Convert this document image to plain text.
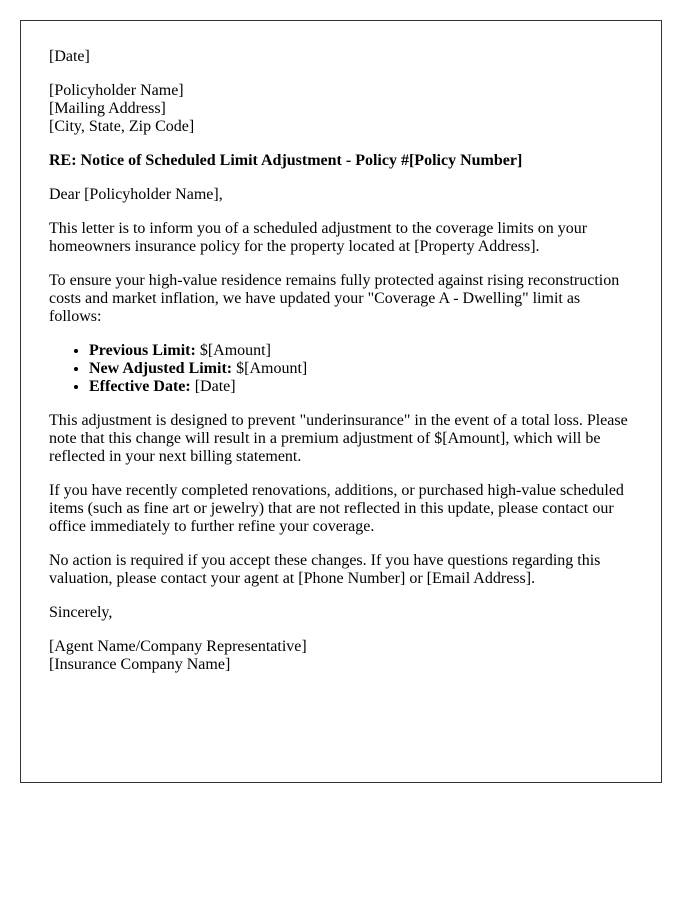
[Date]

[Policyholder Name]
[Mailing Address]
[City, State, Zip Code]

RE: Notice of Scheduled Limit Adjustment - Policy #[Policy Number]

Dear [Policyholder Name],

This letter is to inform you of a scheduled adjustment to the coverage limits on your homeowners insurance policy for the property located at [Property Address].

To ensure your high-value residence remains fully protected against rising reconstruction costs and market inflation, we have updated your "Coverage A - Dwelling" limit as follows:

• Previous Limit: $[Amount]
• New Adjusted Limit: $[Amount]
• Effective Date: [Date]

This adjustment is designed to prevent "underinsurance" in the event of a total loss. Please note that this change will result in a premium adjustment of $[Amount], which will be reflected in your next billing statement.

If you have recently completed renovations, additions, or purchased high-value scheduled items (such as fine art or jewelry) that are not reflected in this update, please contact our office immediately to further refine your coverage.

No action is required if you accept these changes. If you have questions regarding this valuation, please contact your agent at [Phone Number] or [Email Address].

Sincerely,

[Agent Name/Company Representative]
[Insurance Company Name]
